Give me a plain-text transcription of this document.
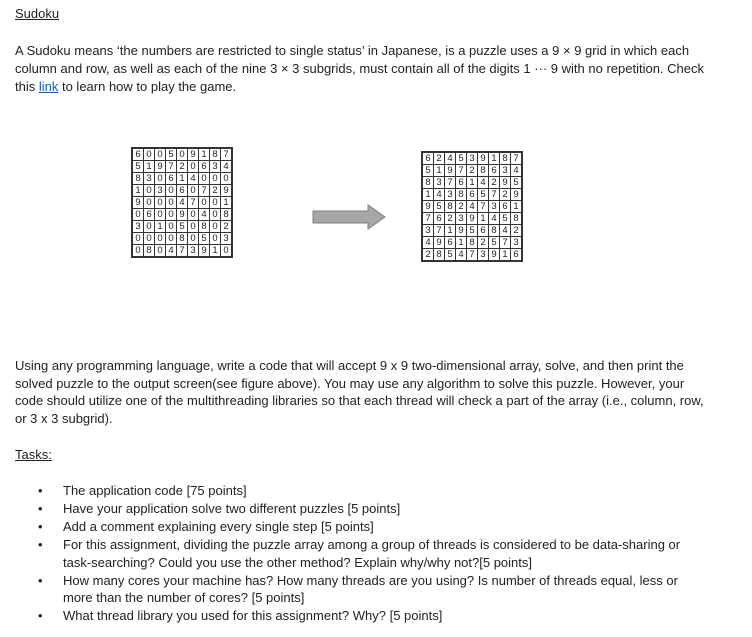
Sudoku
A Sudoku means ‘the numbers are restricted to single status’ in Japanese, is a puzzle uses a 9 × 9 grid in which each column and row, as well as each of the nine 3 × 3 subgrids, must contain all of the digits 1 ··· 9 with no repetition. Check this link to learn how to play the game.
6	0	0	5	0	9	1	8	7
5	1	9	7	2	0	6	3	4
8	3	0	6	1	4	0	0	0
1	0	3	0	6	0	7	2	9
9	0	0	0	4	7	0	0	1
0	6	0	0	9	0	4	0	8
3	0	1	0	5	0	8	0	2
0	0	0	0	8	0	5	0	3
0	8	0	4	7	3	9	1	0
6	2	4	5	3	9	1	8	7
5	1	9	7	2	8	6	3	4
8	3	7	6	1	4	2	9	5
1	4	3	8	6	5	7	2	9
9	5	8	2	4	7	3	6	1
7	6	2	3	9	1	4	5	8
3	7	1	9	5	6	8	4	2
4	9	6	1	8	2	5	7	3
2	8	5	4	7	3	9	1	6
Using any programming language, write a code that will accept 9 x 9 two-dimensional array, solve, and then print the solved puzzle to the output screen(see figure above). You may use any algorithm to solve this puzzle. However, your code should utilize one of the multithreading libraries so that each thread will check a part of the array (i.e., column, row, or 3 x 3 subgrid).
Tasks:
• The application code [75 points]
• Have your application solve two different puzzles [5 points]
• Add a comment explaining every single step [5 points]
• For this assignment, dividing the puzzle array among a group of threads is considered to be data-sharing or task-searching? Could you use the other method? Explain why/why not?[5 points]
• How many cores your machine has? How many threads are you using? Is number of threads equal, less or more than the number of cores? [5 points]
• What thread library you used for this assignment? Why? [5 points]
